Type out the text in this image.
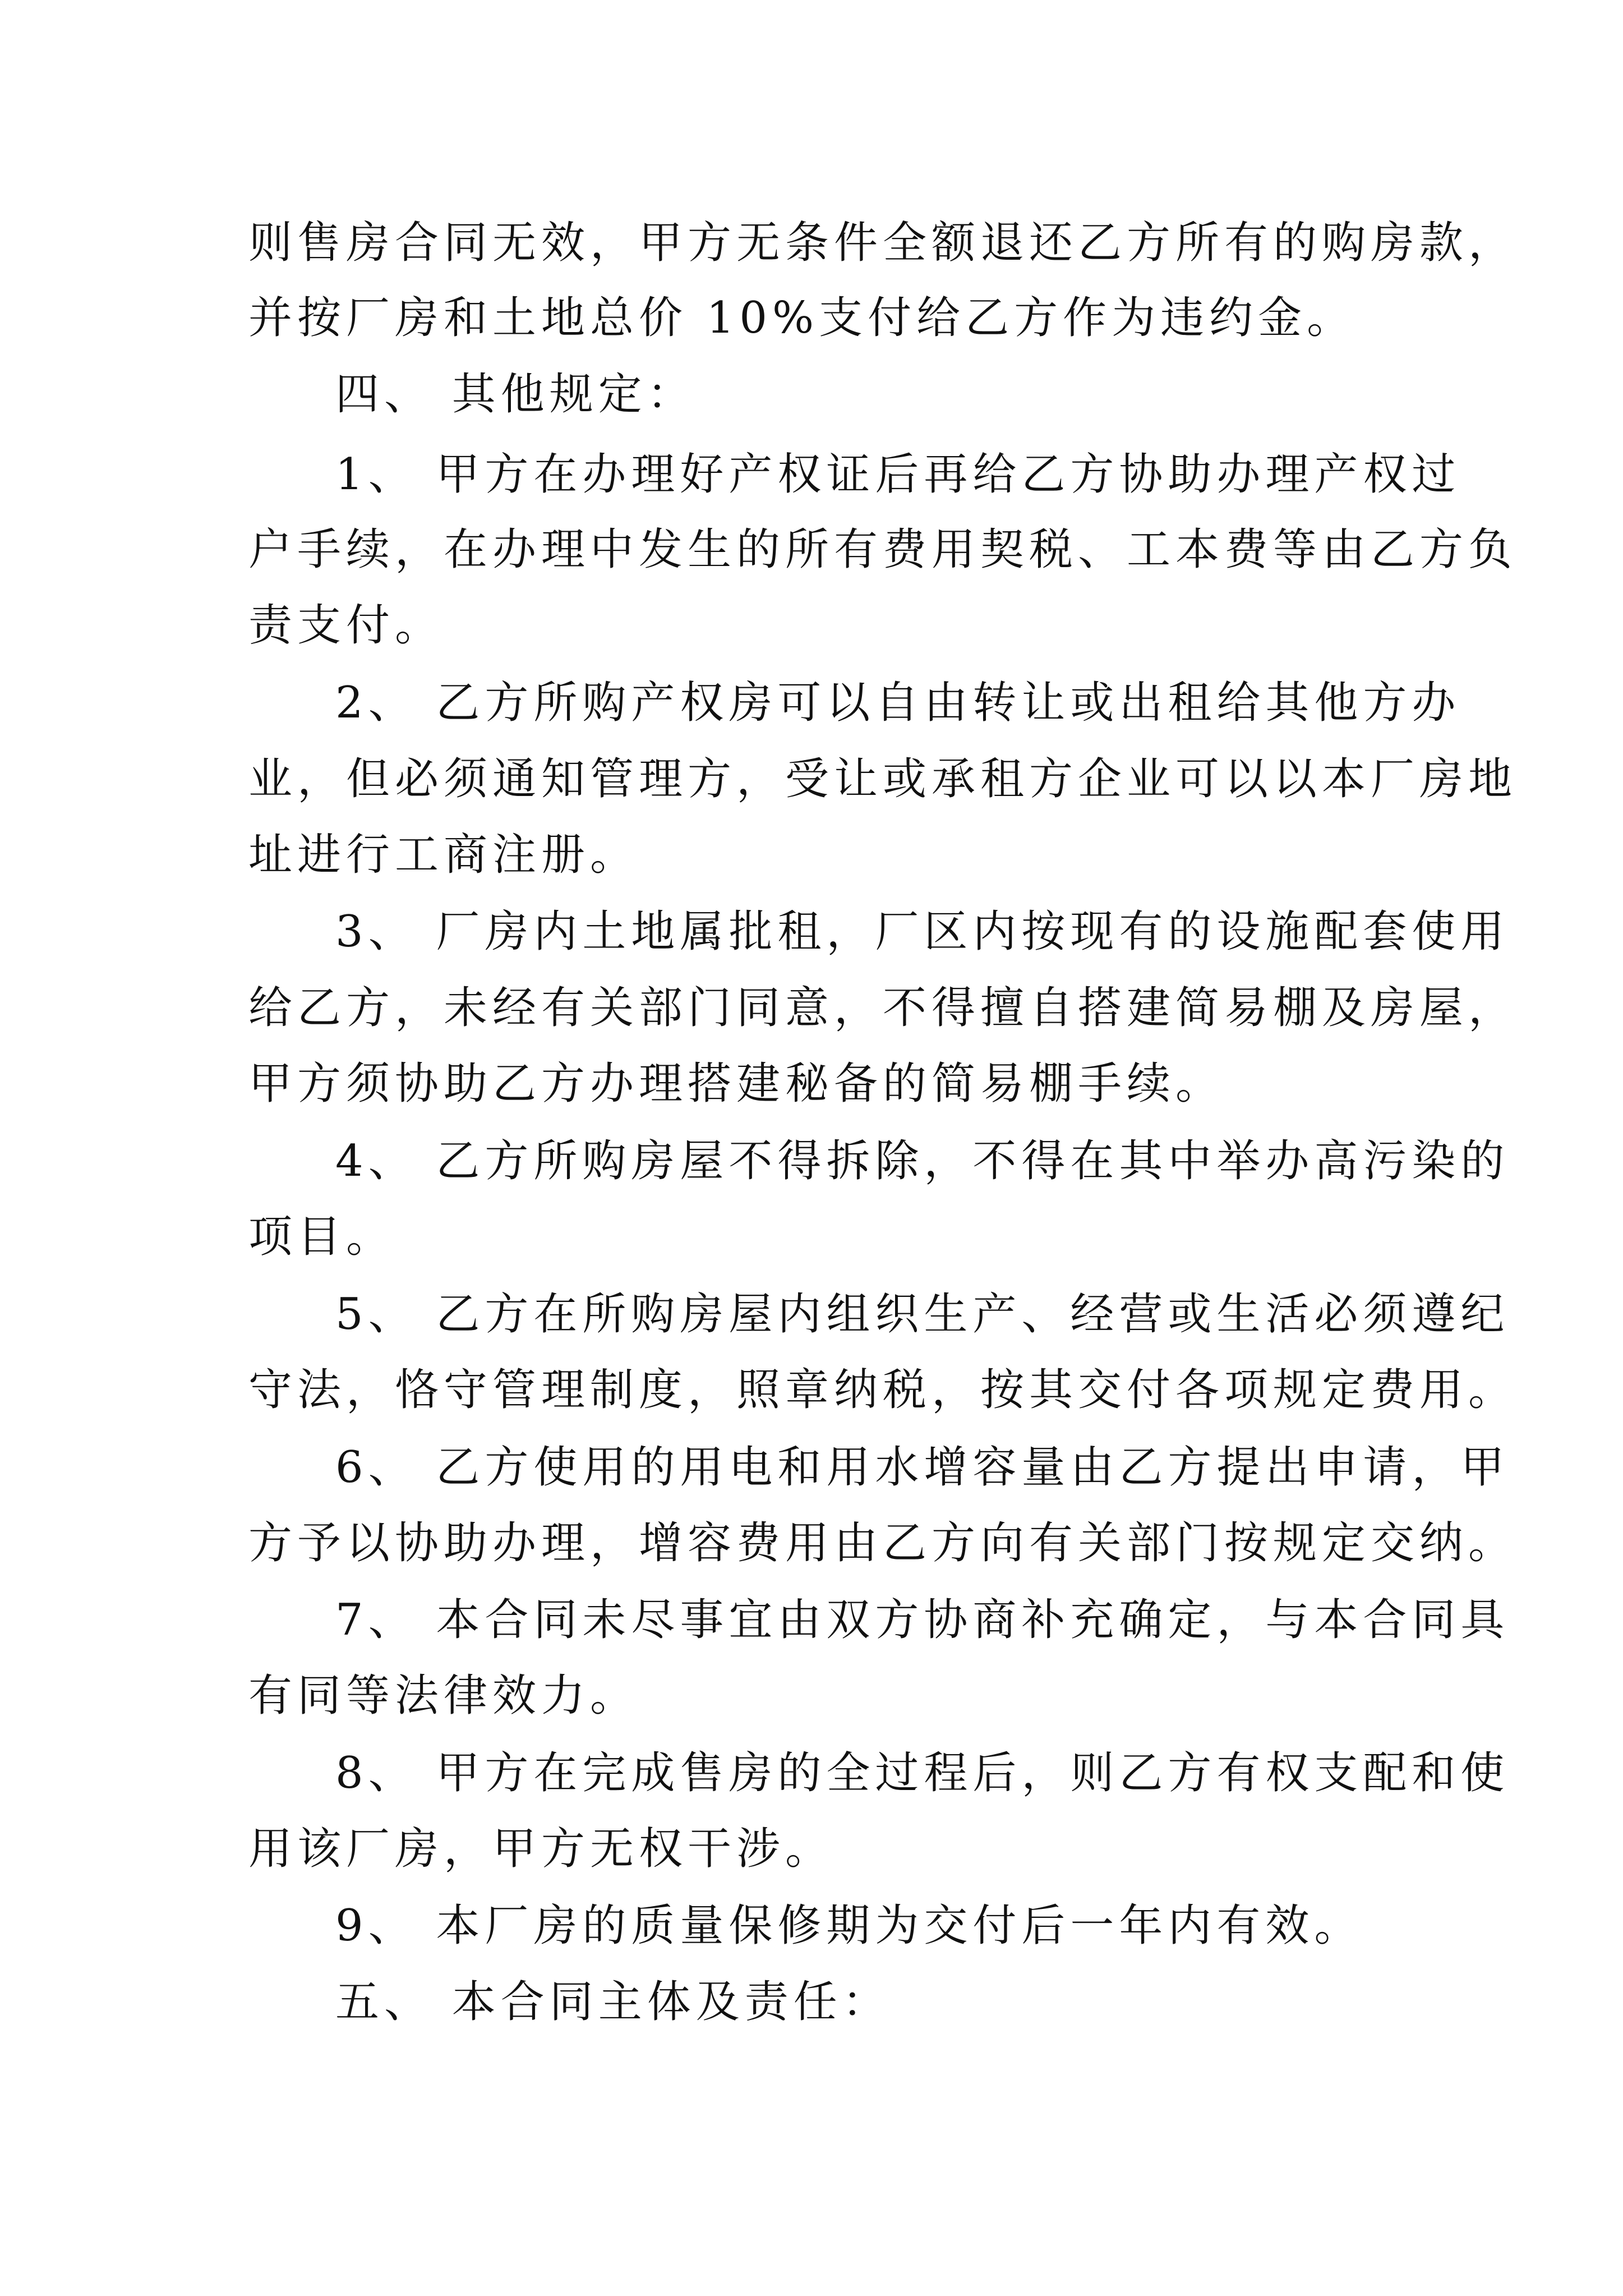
则售房合同无效，甲方无条件全额退还乙方所有的购房款，
并按厂房和土地总价 10%支付给乙方作为违约金。
四、 其他规定：
1、 甲方在办理好产权证后再给乙方协助办理产权过
户手续，在办理中发生的所有费用契税、工本费等由乙方负
责支付。
2、 乙方所购产权房可以自由转让或出租给其他方办
业，但必须通知管理方，受让或承租方企业可以以本厂房地
址进行工商注册。
3、 厂房内土地属批租，厂区内按现有的设施配套使用
给乙方，未经有关部门同意，不得擅自搭建简易棚及房屋，
甲方须协助乙方办理搭建秘备的简易棚手续。
4、 乙方所购房屋不得拆除，不得在其中举办高污染的
项目。
5、 乙方在所购房屋内组织生产、经营或生活必须遵纪
守法，恪守管理制度，照章纳税，按其交付各项规定费用。
6、 乙方使用的用电和用水增容量由乙方提出申请，甲
方予以协助办理，增容费用由乙方向有关部门按规定交纳。
7、 本合同未尽事宜由双方协商补充确定，与本合同具
有同等法律效力。
8、 甲方在完成售房的全过程后，则乙方有权支配和使
用该厂房，甲方无权干涉。
9、 本厂房的质量保修期为交付后一年内有效。
五、 本合同主体及责任：
